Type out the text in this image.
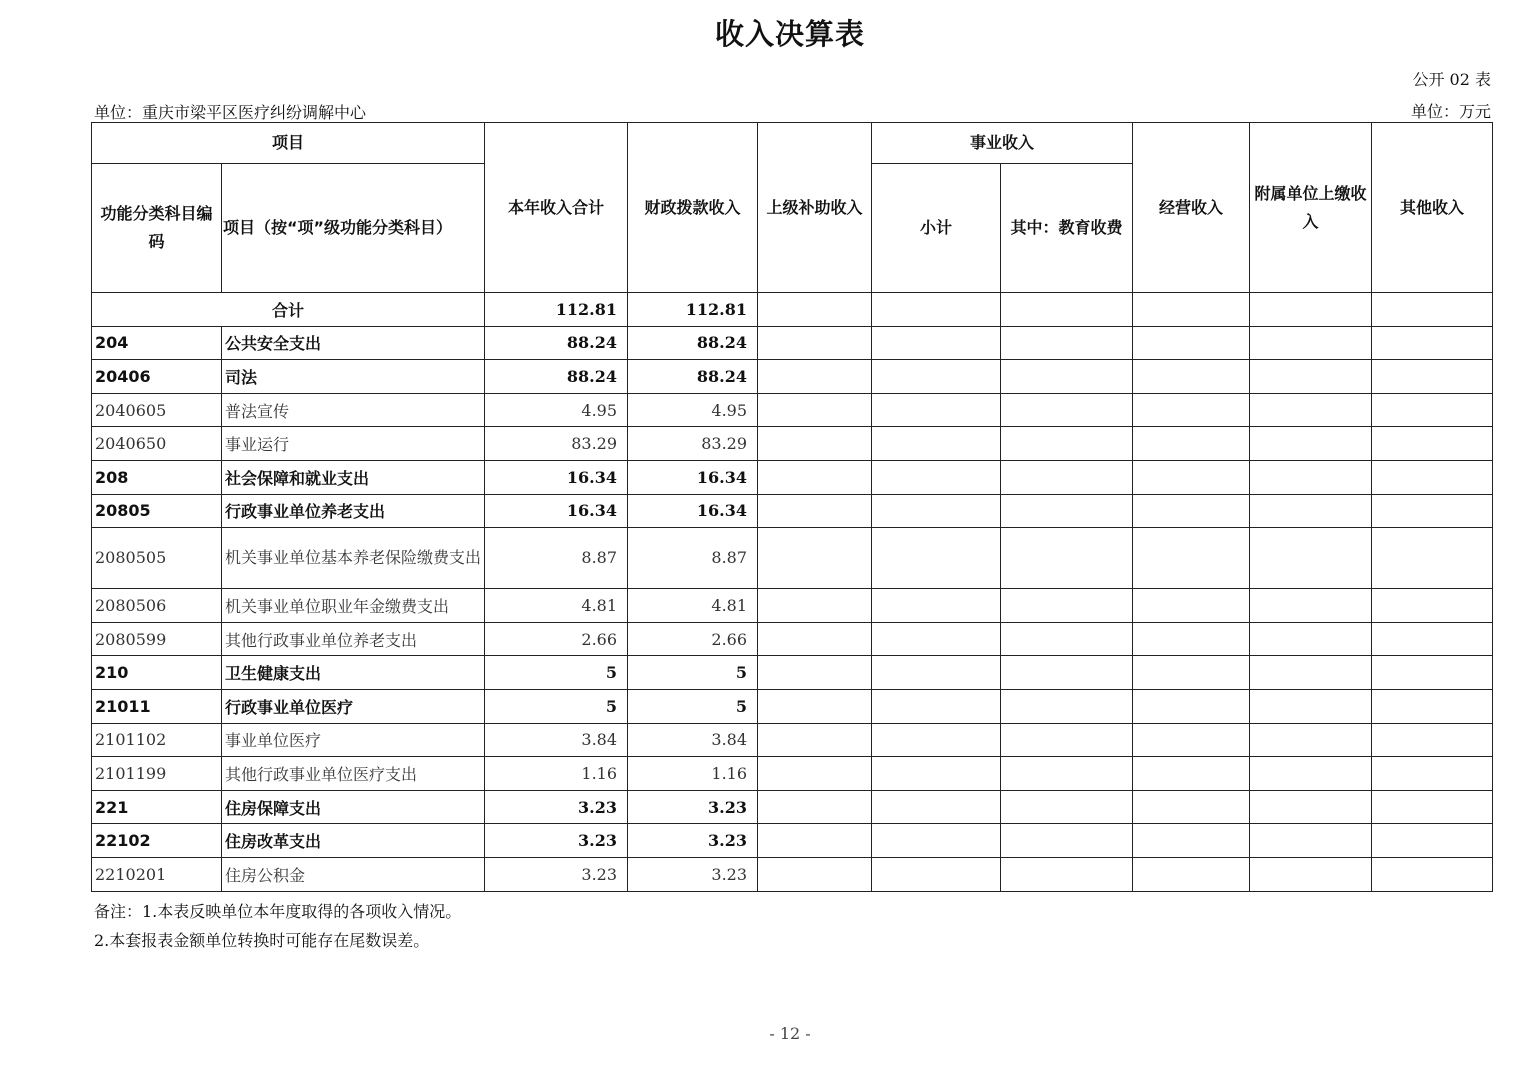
收入决算表
公开 02 表
单位：重庆市梁平区医疗纠纷调解中心	单位：万元
项目		本年收入合计	财政拨款收入	上级补助收入	事业收入		经营收入	附属单位上缴收入	其他收入
功能分类科目编码	项目（按“项”级功能分类科目）				小计	其中：教育收费			
合计		112.81	112.81						
204	公共安全支出	88.24	88.24						
20406	司法	88.24	88.24						
2040605	普法宣传	4.95	4.95						
2040650	事业运行	83.29	83.29						
208	社会保障和就业支出	16.34	16.34						
20805	行政事业单位养老支出	16.34	16.34						
2080505	机关事业单位基本养老保险缴费支出	8.87	8.87						
2080506	机关事业单位职业年金缴费支出	4.81	4.81						
2080599	其他行政事业单位养老支出	2.66	2.66						
210	卫生健康支出	5	5						
21011	行政事业单位医疗	5	5						
2101102	事业单位医疗	3.84	3.84						
2101199	其他行政事业单位医疗支出	1.16	1.16						
221	住房保障支出	3.23	3.23						
22102	住房改革支出	3.23	3.23						
2210201	住房公积金	3.23	3.23						
备注：1.本表反映单位本年度取得的各项收入情况。
2.本套报表金额单位转换时可能存在尾数误差。
- 12 -
